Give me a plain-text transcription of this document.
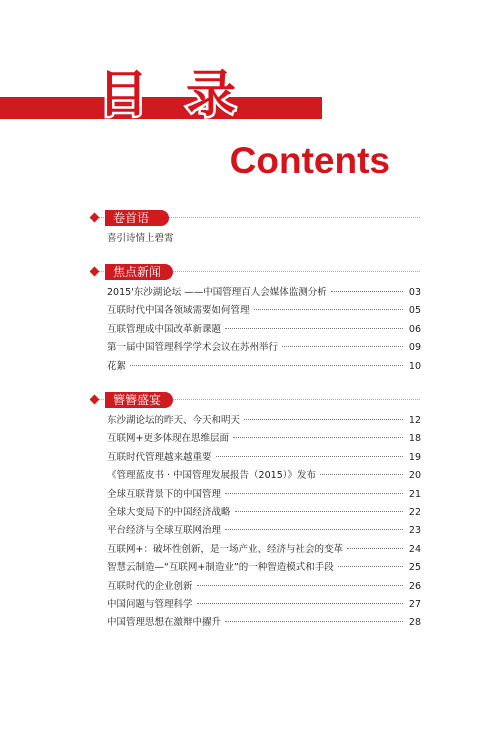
目 录
Contents
卷首语
喜引诗情上碧霄
焦点新闻
2015'东沙湖论坛 ——中国管理百人会媒体监测分析	03
互联时代中国各领域需要如何管理	05
互联管理成中国改革新课题	06
第一届中国管理科学学术会议在苏州举行	09
花絮	10
簪簪盛宴
东沙湖论坛的昨天、今天和明天	12
互联网+更多体现在思维层面	18
互联时代管理越来越重要	19
《管理蓝皮书 · 中国管理发展报告（2015）》发布	20
全球互联背景下的中国管理	21
全球大变局下的中国经济战略	22
平台经济与全球互联网治理	23
互联网+：破坏性创新，是一场产业、经济与社会的变革	24
智慧云制造—“互联网+制造业”的一种智造模式和手段	25
互联时代的企业创新	26
中国问题与管理科学	27
中国管理思想在激辩中擢升	28
